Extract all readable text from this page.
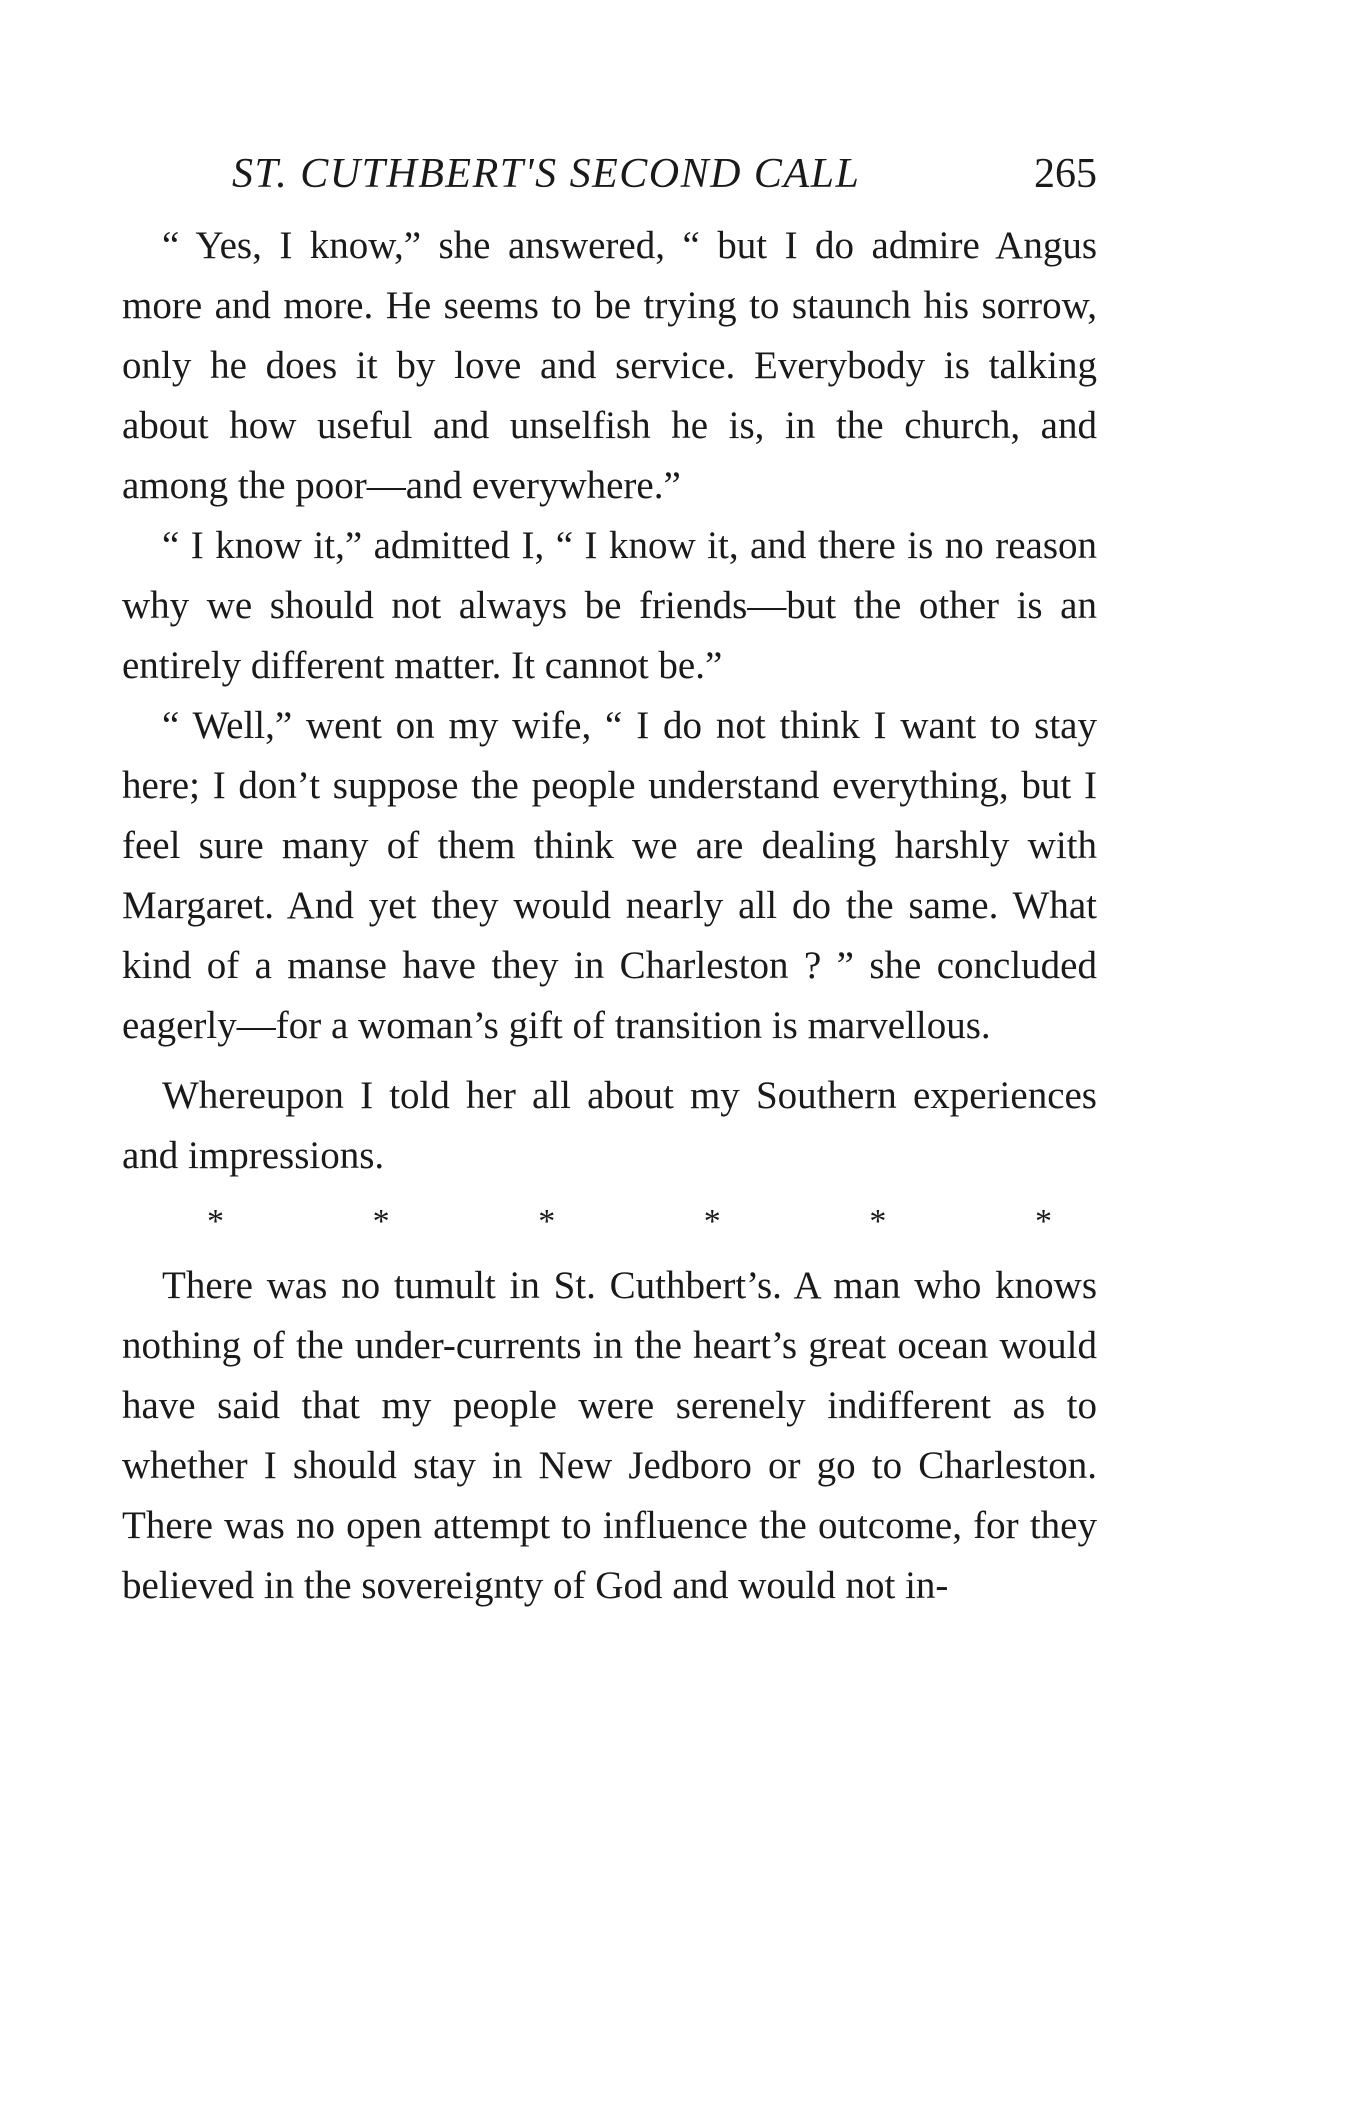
ST. CUTHBERT'S SECOND CALL	265

“ Yes, I know,” she answered, “ but I do admire Angus more and more. He seems to be trying to staunch his sorrow, only he does it by love and service. Everybody is talking about how useful and unselfish he is, in the church, and among the poor—and everywhere.”

“ I know it,” admitted I, “ I know it, and there is no reason why we should not always be friends—but the other is an entirely different matter. It cannot be.”

“ Well,” went on my wife, “ I do not think I want to stay here; I don’t suppose the people understand everything, but I feel sure many of them think we are dealing harshly with Margaret. And yet they would nearly all do the same. What kind of a manse have they in Charleston ? ” she concluded eagerly—for a woman’s gift of transition is marvellous.

Whereupon I told her all about my Southern experiences and impressions.

*	*	*	*	*	*

There was no tumult in St. Cuthbert’s. A man who knows nothing of the under-currents in the heart’s great ocean would have said that my people were serenely indifferent as to whether I should stay in New Jedboro or go to Charleston. There was no open attempt to influence the outcome, for they believed in the sovereignty of God and would not in-
